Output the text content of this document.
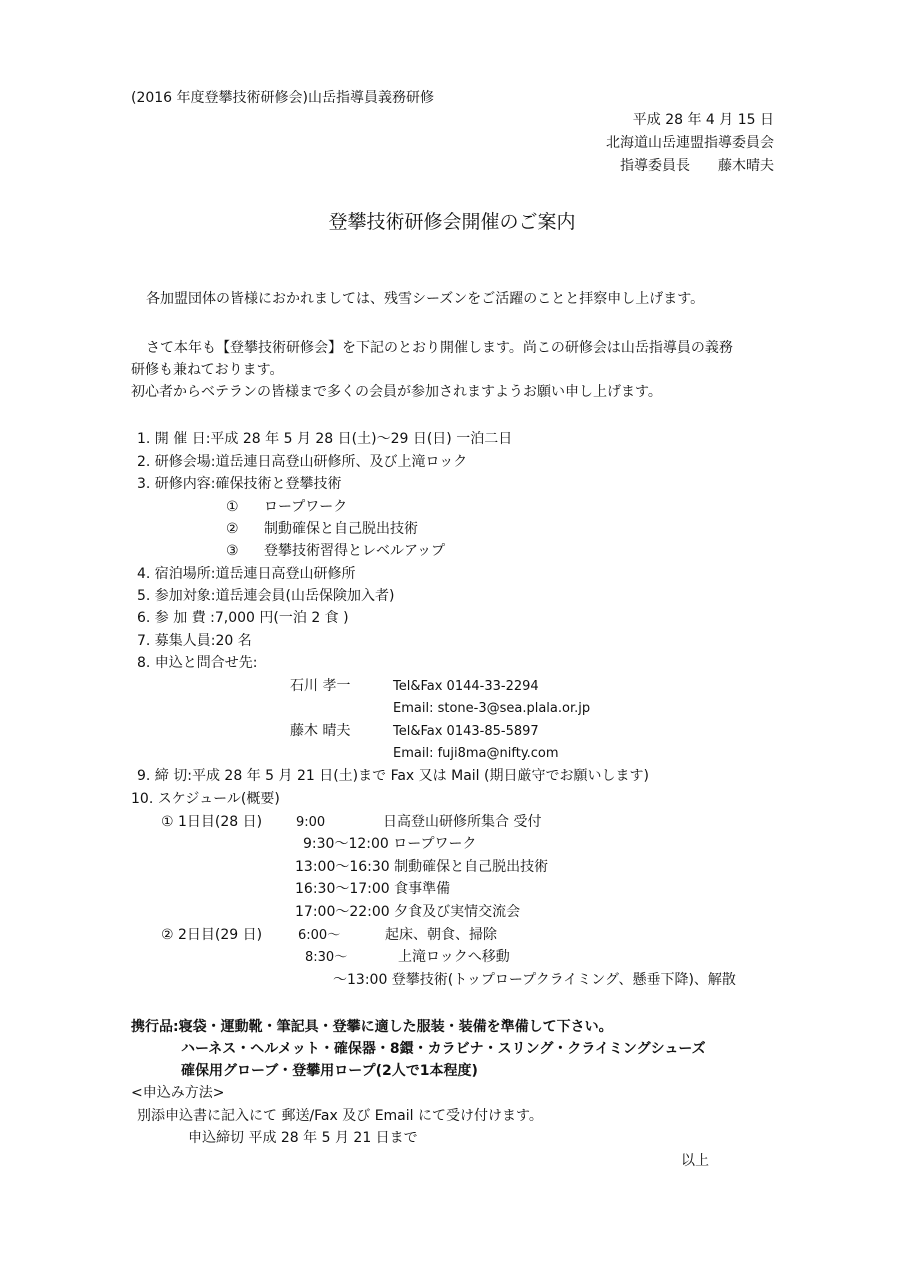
(2016 年度登攀技術研修会)山岳指導員義務研修
平成 28 年 4 月 15 日
北海道山岳連盟指導委員会
指導委員長 藤木晴夫
登攀技術研修会開催のご案内
各加盟団体の皆様におかれましては、残雪シーズンをご活躍のことと拝察申し上げます。
さて本年も【登攀技術研修会】を下記のとおり開催します。尚この研修会は山岳指導員の義務
研修も兼ねております。
初心者からベテランの皆様まで多くの会員が参加されますようお願い申し上げます。
1. 開 催 日:平成 28 年 5 月 28 日(土)～29 日(日) 一泊二日
2. 研修会場:道岳連日高登山研修所、及び上滝ロック
3. 研修内容:確保技術と登攀技術
① ロープワーク
② 制動確保と自己脱出技術
③ 登攀技術習得とレベルアップ
4. 宿泊場所:道岳連日高登山研修所
5. 参加対象:道岳連会員(山岳保険加入者)
6. 参 加 費 :7,000 円(一泊 2 食 )
7. 募集人員:20 名
8. 申込と問合せ先:
石川 孝一	Tel&Fax 0144-33-2294
Email: stone-3@sea.plala.or.jp
藤木 晴夫	Tel&Fax 0143-85-5897
Email: fuji8ma@nifty.com
9. 締 切:平成 28 年 5 月 21 日(土)まで Fax 又は Mail (期日厳守でお願いします)
10. スケジュール(概要)
① 1日目(28 日)	9:00	日高登山研修所集合 受付
9:30～12:00 ロープワーク
13:00～16:30 制動確保と自己脱出技術
16:30～17:00 食事準備
17:00～22:00 夕食及び実情交流会
② 2日目(29 日)	6:00～	起床、朝食、掃除
8:30～	上滝ロックへ移動
～13:00 登攀技術(トップロープクライミング、懸垂下降)、解散
携行品:寝袋・運動靴・筆記具・登攀に適した服装・装備を準備して下さい。
ハーネス・ヘルメット・確保器・8鐶・カラビナ・スリング・クライミングシューズ
確保用グローブ・登攀用ロープ(2人で1本程度)
<申込み方法>
別添申込書に記入にて 郵送/Fax 及び Email にて受け付けます。
申込締切 平成 28 年 5 月 21 日まで
以上
